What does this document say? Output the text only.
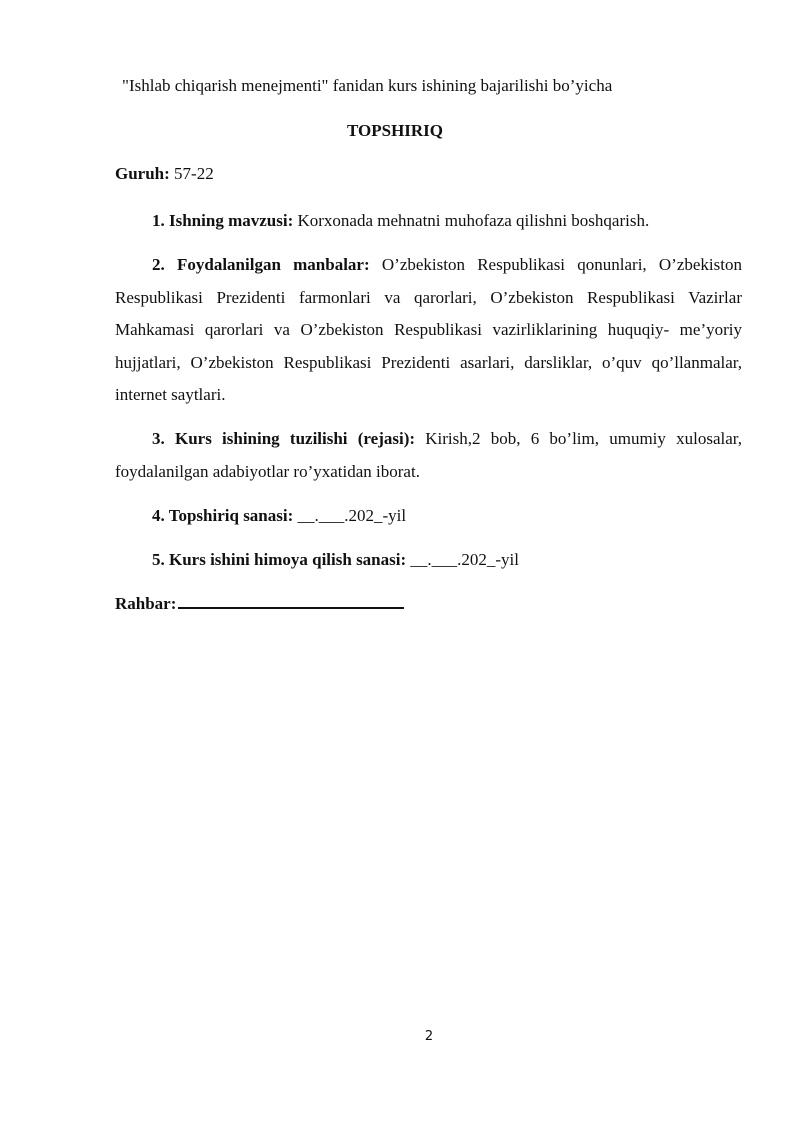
"Ishlab chiqarish menejmenti" fanidan kurs ishining bajarilishi bo’yicha
TOPSHIRIQ
Guruh: 57-22
1. Ishning mavzusi: Korxonada mehnatni muhofaza qilishni boshqarish.
2. Foydalanilgan manbalar: O’zbekiston Respublikasi qonunlari, O’zbekiston Respublikasi Prezidenti farmonlari va qarorlari, O’zbekiston Respublikasi Vazirlar Mahkamasi qarorlari va O’zbekiston Respublikasi vazirliklarining huquqiy- me’yoriy hujjatlari, O’zbekiston Respublikasi Prezidenti asarlari, darsliklar, o’quv qo’llanmalar, internet saytlari.
3. Kurs ishining tuzilishi (rejasi): Kirish,2 bob, 6 bo’lim, umumiy xulosalar, foydalanilgan adabiyotlar ro’yxatidan iborat.
4. Topshiriq sanasi: __.___.202_-yil
5. Kurs ishini himoya qilish sanasi: __.___.202_-yil
Rahbar:
2
